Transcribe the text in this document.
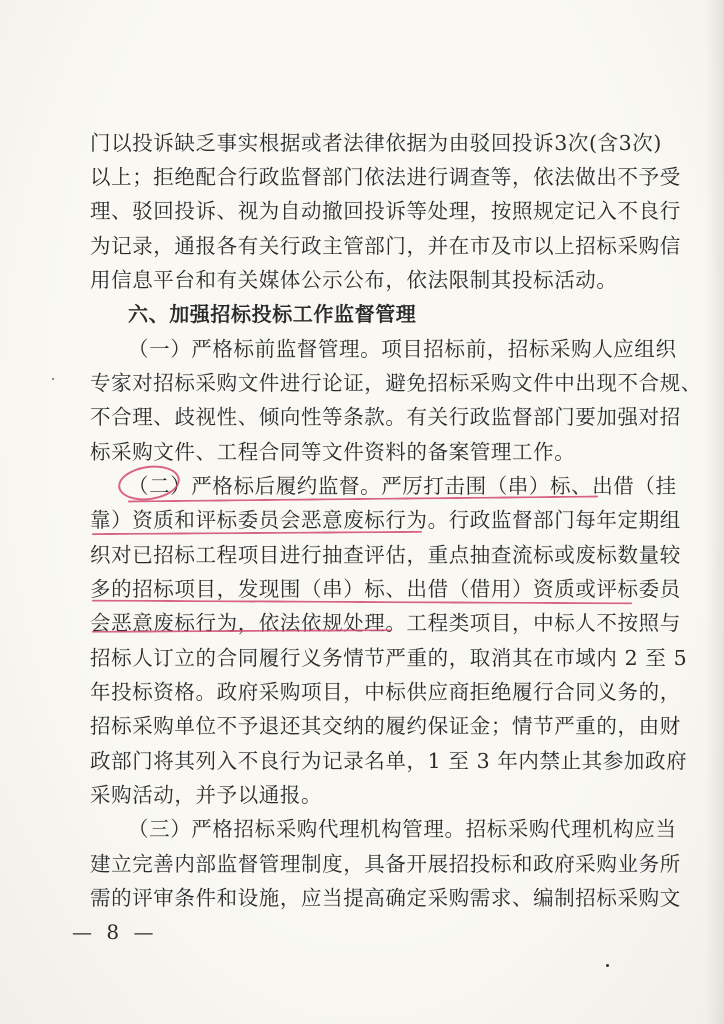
门以投诉缺乏事实根据或者法律依据为由驳回投诉3次(含3次)
以上；拒绝配合行政监督部门依法进行调查等，依法做出不予受
理、驳回投诉、视为自动撤回投诉等处理，按照规定记入不良行
为记录，通报各有关行政主管部门，并在市及市以上招标采购信
用信息平台和有关媒体公示公布，依法限制其投标活动。
六、加强招标投标工作监督管理
（一）严格标前监督管理。项目招标前，招标采购人应组织
专家对招标采购文件进行论证，避免招标采购文件中出现不合规、
不合理、歧视性、倾向性等条款。有关行政监督部门要加强对招
标采购文件、工程合同等文件资料的备案管理工作。
（二）严格标后履约监督。严厉打击围（串）标、出借（挂
靠）资质和评标委员会恶意废标行为。行政监督部门每年定期组
织对已招标工程项目进行抽查评估，重点抽查流标或废标数量较
多的招标项目，发现围（串）标、出借（借用）资质或评标委员
会恶意废标行为，依法依规处理。工程类项目，中标人不按照与
招标人订立的合同履行义务情节严重的，取消其在市域内 2 至 5
年投标资格。政府采购项目，中标供应商拒绝履行合同义务的，
招标采购单位不予退还其交纳的履约保证金；情节严重的，由财
政部门将其列入不良行为记录名单，1 至 3 年内禁止其参加政府
采购活动，并予以通报。
（三）严格招标采购代理机构管理。招标采购代理机构应当
建立完善内部监督管理制度，具备开展招投标和政府采购业务所
需的评审条件和设施，应当提高确定采购需求、编制招标采购文
— 8 —
